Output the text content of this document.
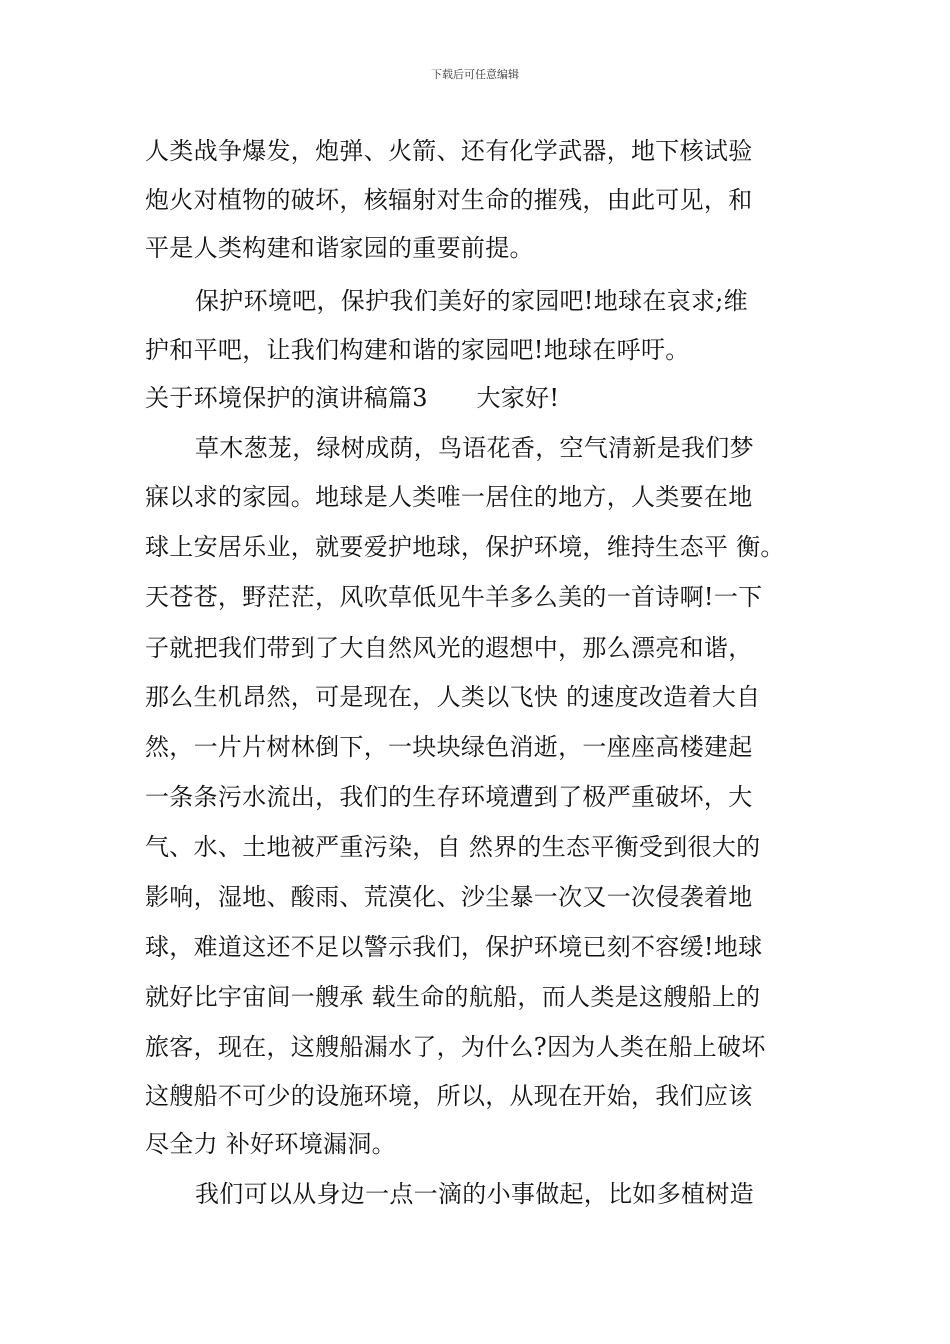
下载后可任意编辑
人类战争爆发，炮弹、火箭、还有化学武器，地下核试验
炮火对植物的破坏，核辐射对生命的摧残，由此可见，和
平是人类构建和谐家园的重要前提。
保护环境吧，保护我们美好的家园吧!地球在哀求;维
护和平吧，让我们构建和谐的家园吧!地球在呼吁。
关于环境保护的演讲稿篇3　　大家好!
草木葱茏，绿树成荫，鸟语花香，空气清新是我们梦
寐以求的家园。地球是人类唯一居住的地方，人类要在地
球上安居乐业，就要爱护地球，保护环境，维持生态平 衡。
天苍苍，野茫茫，风吹草低见牛羊多么美的一首诗啊!一下
子就把我们带到了大自然风光的遐想中，那么漂亮和谐，
那么生机昂然，可是现在，人类以飞快 的速度改造着大自
然，一片片树林倒下，一块块绿色消逝，一座座高楼建起
一条条污水流出，我们的生存环境遭到了极严重破坏，大
气、水、土地被严重污染，自 然界的生态平衡受到很大的
影响，湿地、酸雨、荒漠化、沙尘暴一次又一次侵袭着地
球，难道这还不足以警示我们，保护环境已刻不容缓!地球
就好比宇宙间一艘承 载生命的航船，而人类是这艘船上的
旅客，现在，这艘船漏水了，为什么?因为人类在船上破坏
这艘船不可少的设施环境，所以，从现在开始，我们应该
尽全力 补好环境漏洞。
我们可以从身边一点一滴的小事做起，比如多植树造
